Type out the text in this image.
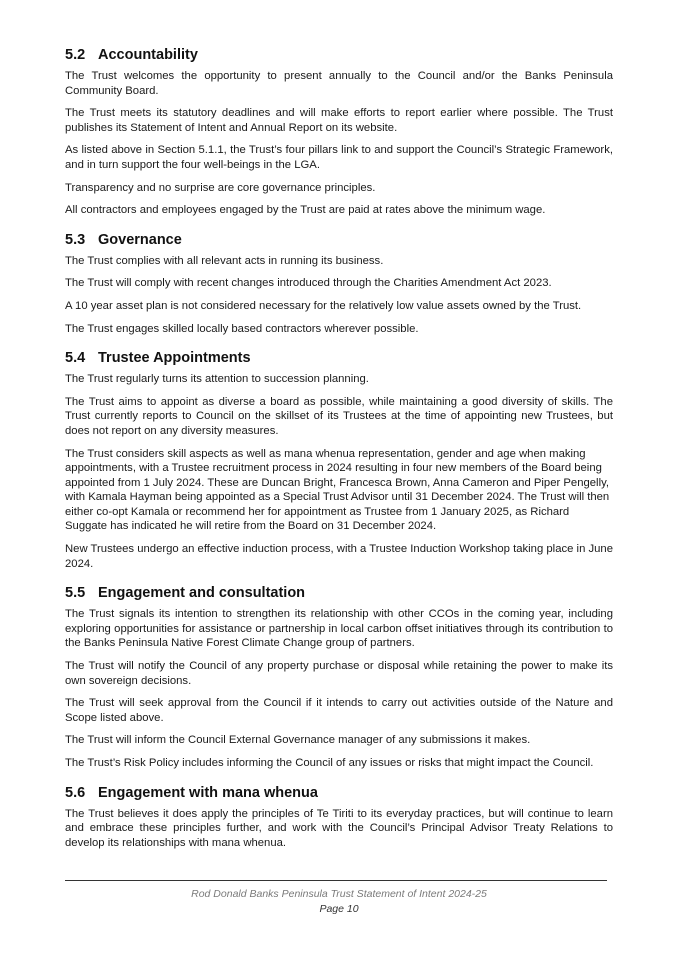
5.2 Accountability

The Trust welcomes the opportunity to present annually to the Council and/or the Banks Peninsula Community Board.

The Trust meets its statutory deadlines and will make efforts to report earlier where possible. The Trust publishes its Statement of Intent and Annual Report on its website.

As listed above in Section 5.1.1, the Trust’s four pillars link to and support the Council’s Strategic Framework, and in turn support the four well-beings in the LGA.

Transparency and no surprise are core governance principles.

All contractors and employees engaged by the Trust are paid at rates above the minimum wage.

5.3 Governance

The Trust complies with all relevant acts in running its business.

The Trust will comply with recent changes introduced through the Charities Amendment Act 2023.

A 10 year asset plan is not considered necessary for the relatively low value assets owned by the Trust.

The Trust engages skilled locally based contractors wherever possible.

5.4 Trustee Appointments

The Trust regularly turns its attention to succession planning.

The Trust aims to appoint as diverse a board as possible, while maintaining a good diversity of skills. The Trust currently reports to Council on the skillset of its Trustees at the time of appointing new Trustees, but does not report on any diversity measures.

The Trust considers skill aspects as well as mana whenua representation, gender and age when making appointments, with a Trustee recruitment process in 2024 resulting in four new members of the Board being appointed from 1 July 2024. These are Duncan Bright, Francesca Brown, Anna Cameron and Piper Pengelly, with Kamala Hayman being appointed as a Special Trust Advisor until 31 December 2024. The Trust will then either co-opt Kamala or recommend her for appointment as Trustee from 1 January 2025, as Richard Suggate has indicated he will retire from the Board on 31 December 2024.

New Trustees undergo an effective induction process, with a Trustee Induction Workshop taking place in June 2024.

5.5 Engagement and consultation

The Trust signals its intention to strengthen its relationship with other CCOs in the coming year, including exploring opportunities for assistance or partnership in local carbon offset initiatives through its contribution to the Banks Peninsula Native Forest Climate Change group of partners.

The Trust will notify the Council of any property purchase or disposal while retaining the power to make its own sovereign decisions.

The Trust will seek approval from the Council if it intends to carry out activities outside of the Nature and Scope listed above.

The Trust will inform the Council External Governance manager of any submissions it makes.

The Trust’s Risk Policy includes informing the Council of any issues or risks that might impact the Council.

5.6 Engagement with mana whenua

The Trust believes it does apply the principles of Te Tiriti to its everyday practices, but will continue to learn and embrace these principles further, and work with the Council’s Principal Advisor Treaty Relations to develop its relationships with mana whenua.

Rod Donald Banks Peninsula Trust Statement of Intent 2024-25
Page 10
